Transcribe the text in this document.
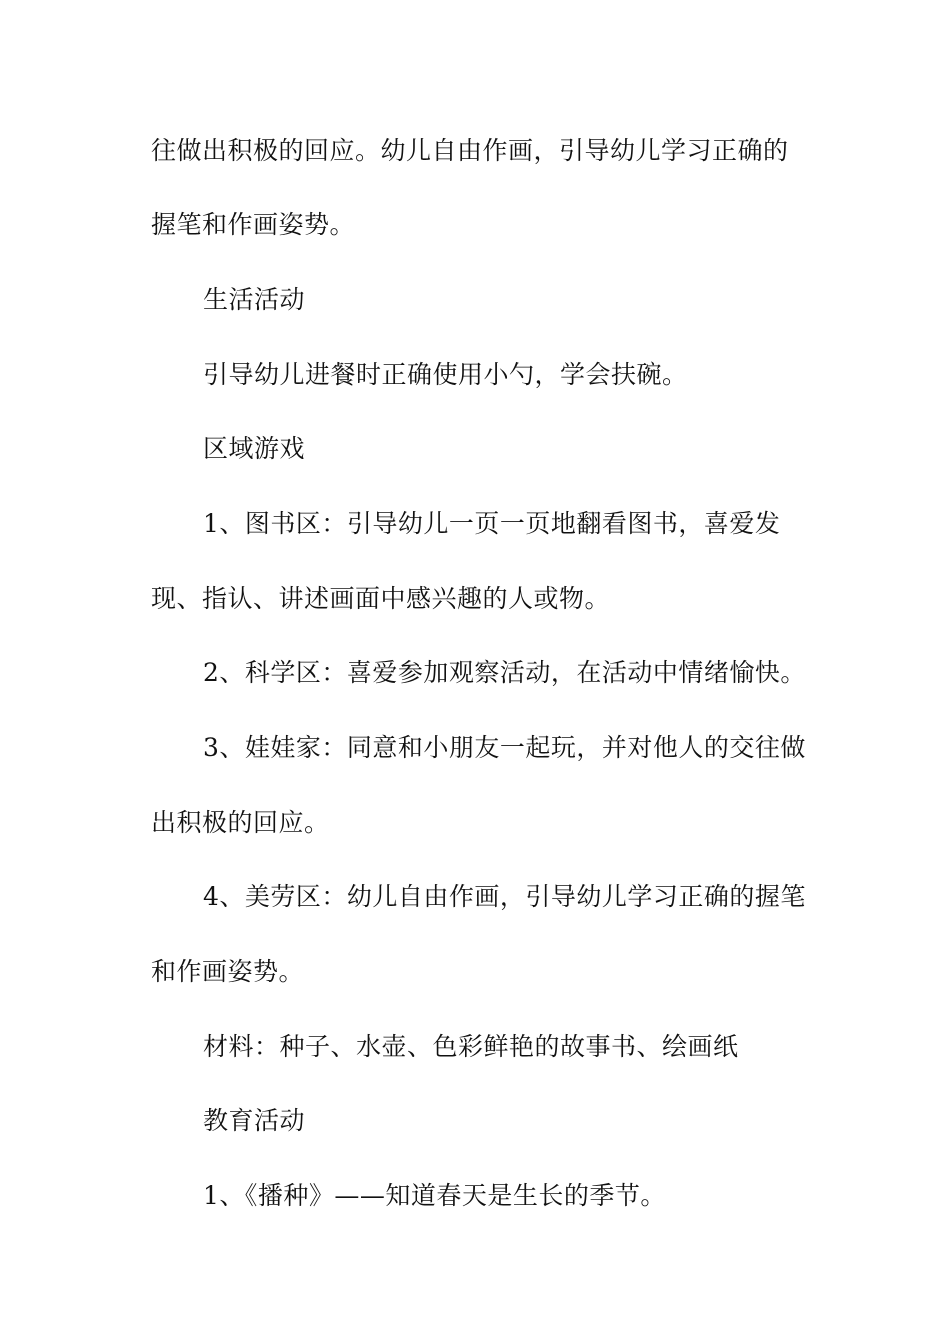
往做出积极的回应。幼儿自由作画，引导幼儿学习正确的
握笔和作画姿势。
生活活动
引导幼儿进餐时正确使用小勺，学会扶碗。
区域游戏
1、图书区：引导幼儿一页一页地翻看图书，喜爱发
现、指认、讲述画面中感兴趣的人或物。
2、科学区：喜爱参加观察活动，在活动中情绪愉快。
3、娃娃家：同意和小朋友一起玩，并对他人的交往做
出积极的回应。
4、美劳区：幼儿自由作画，引导幼儿学习正确的握笔
和作画姿势。
材料：种子、水壶、色彩鲜艳的故事书、绘画纸
教育活动
1、《播种》——知道春天是生长的季节。
